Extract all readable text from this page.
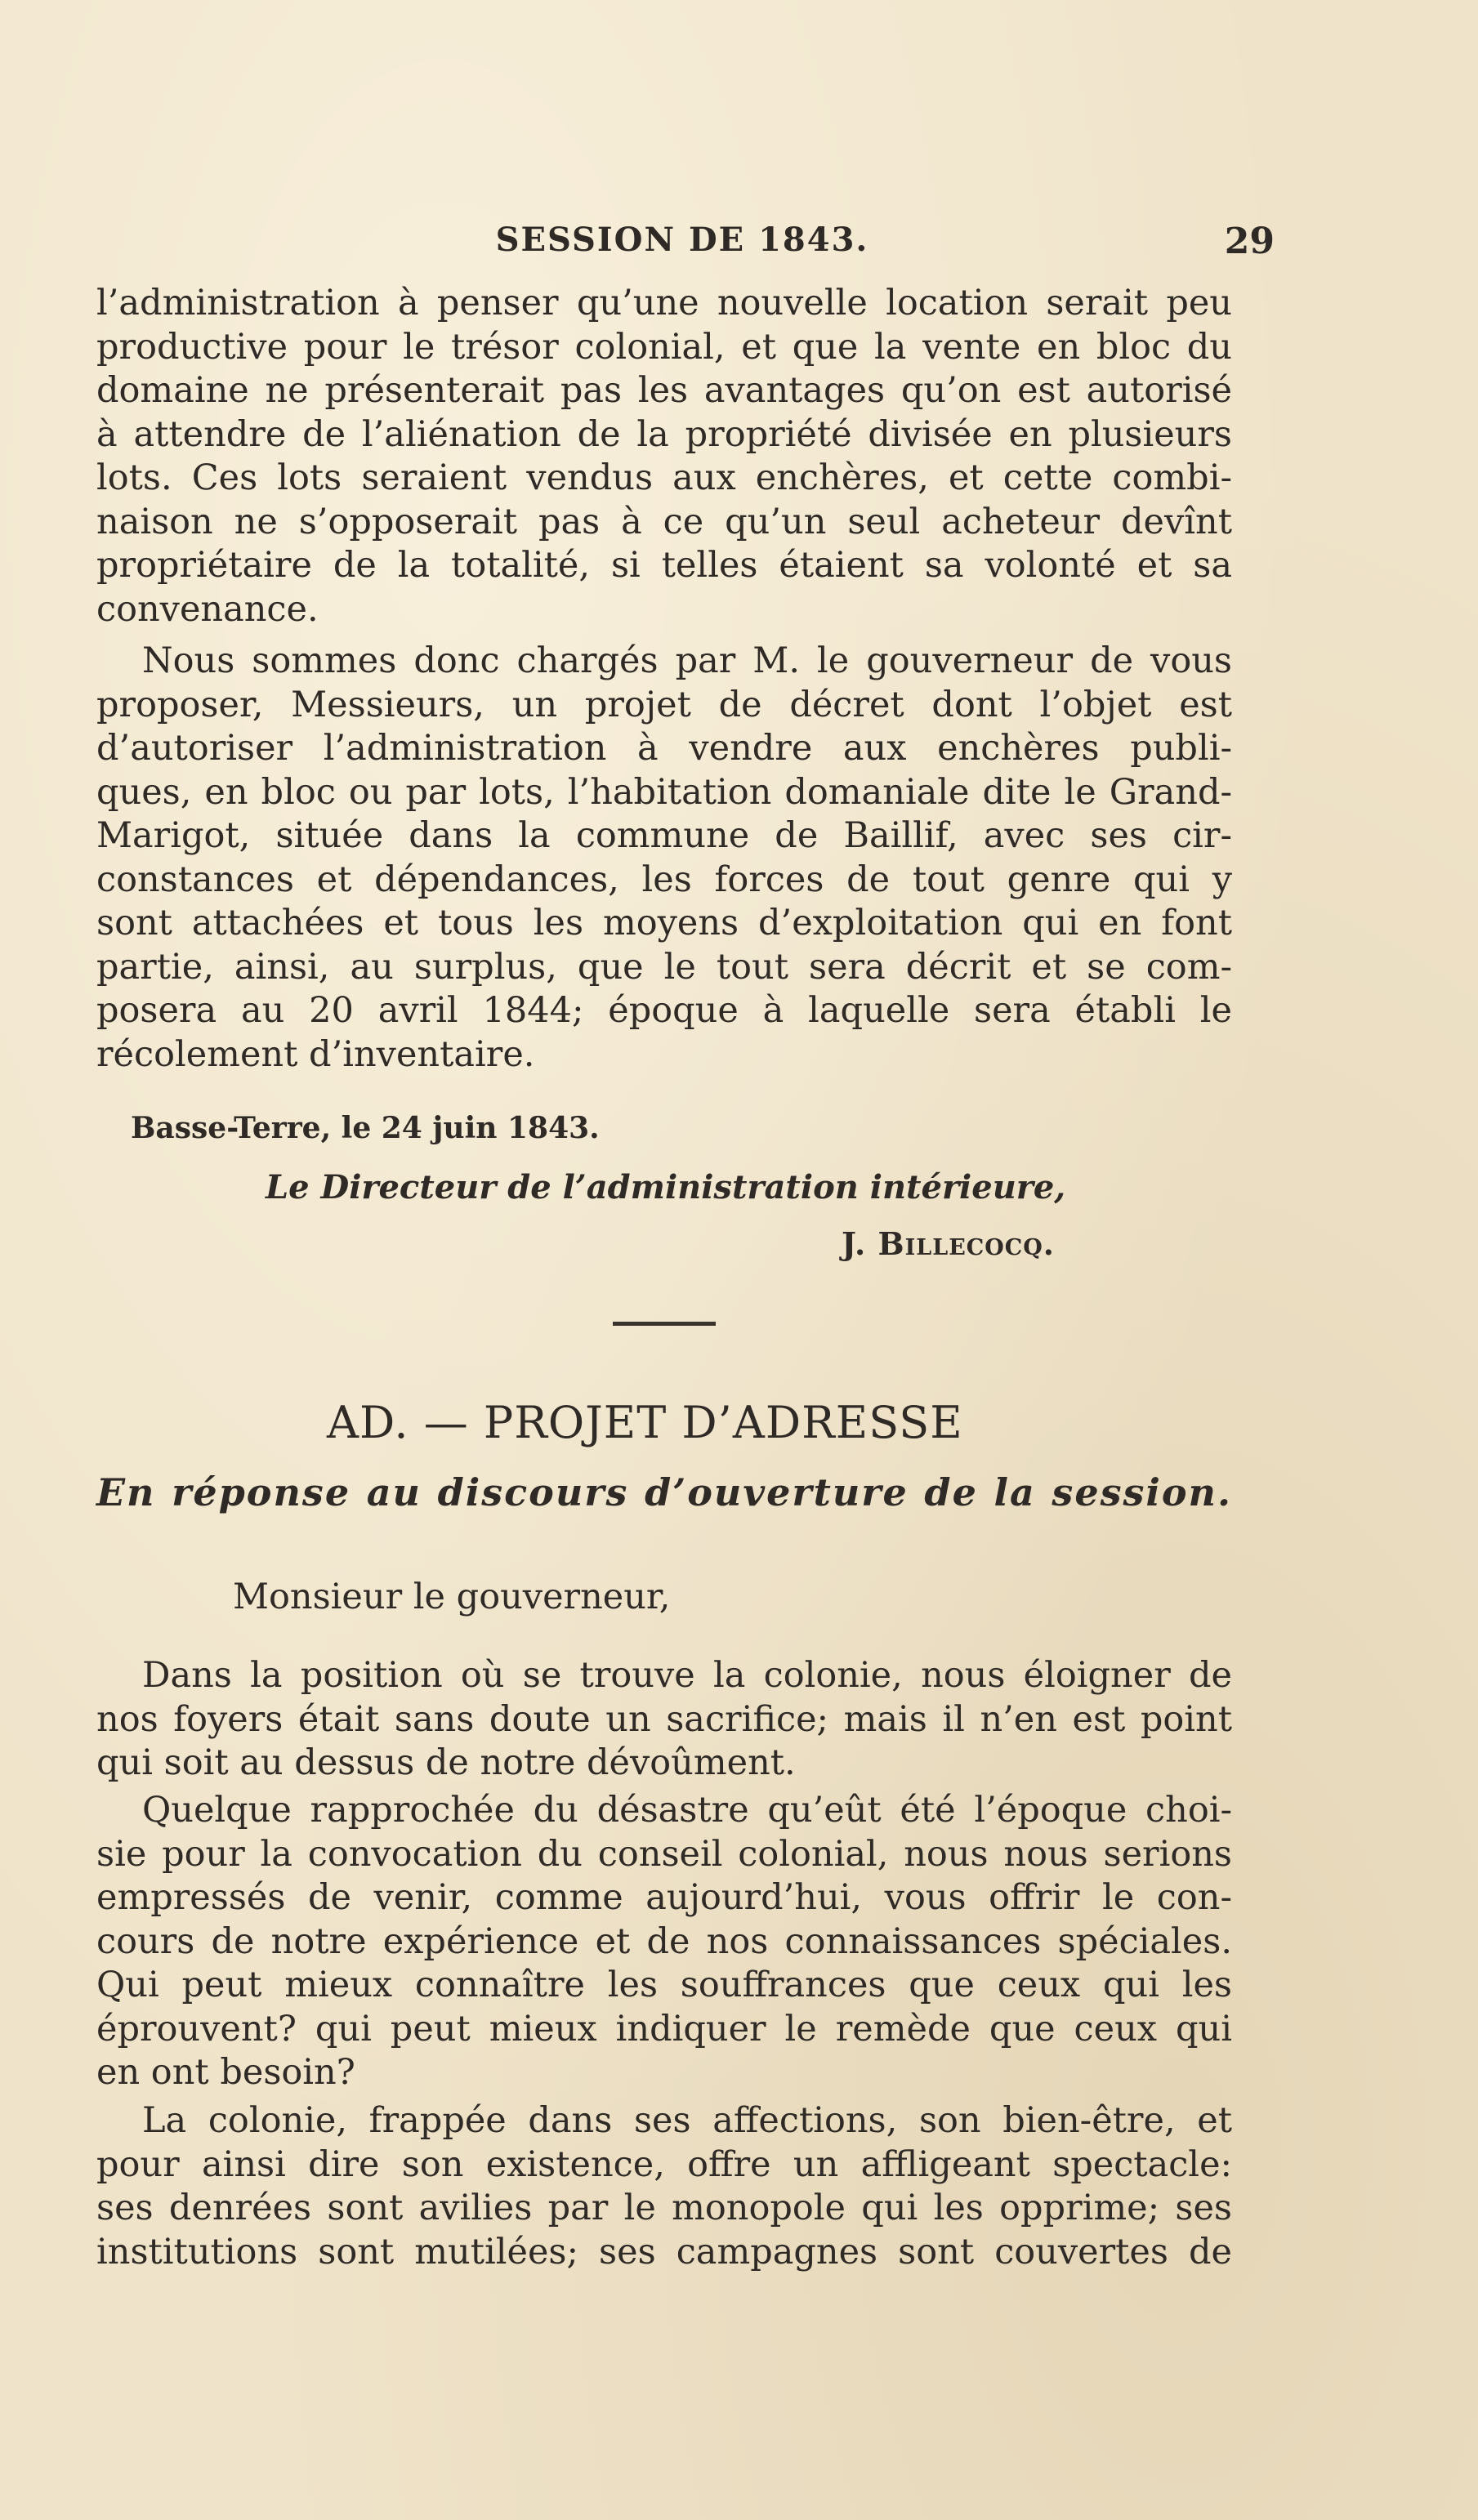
SESSION DE 1843.	29
l’administration à penser qu’une nouvelle location serait peu
productive pour le trésor colonial, et que la vente en bloc du
domaine ne présenterait pas les avantages qu’on est autorisé
à attendre de l’aliénation de la propriété divisée en plusieurs
lots. Ces lots seraient vendus aux enchères, et cette combi-
naison ne s’opposerait pas à ce qu’un seul acheteur devînt
propriétaire de la totalité, si telles étaient sa volonté et sa
convenance.
Nous sommes donc chargés par M. le gouverneur de vous
proposer, Messieurs, un projet de décret dont l’objet est
d’autoriser l’administration à vendre aux enchères publi-
ques, en bloc ou par lots, l’habitation domaniale dite le Grand-
Marigot, située dans la commune de Baillif, avec ses cir-
constances et dépendances, les forces de tout genre qui y
sont attachées et tous les moyens d’exploitation qui en font
partie, ainsi, au surplus, que le tout sera décrit et se com-
posera au 20 avril 1844; époque à laquelle sera établi le
récolement d’inventaire.
Basse-Terre, le 24 juin 1843.
Le Directeur de l’administration intérieure,
J. Billecocq.
AD. — PROJET D’ADRESSE
En réponse au discours d’ouverture de la session.
Monsieur le gouverneur,
Dans la position où se trouve la colonie, nous éloigner de
nos foyers était sans doute un sacrifice; mais il n’en est point
qui soit au dessus de notre dévoûment.
Quelque rapprochée du désastre qu’eût été l’époque choi-
sie pour la convocation du conseil colonial, nous nous serions
empressés de venir, comme aujourd’hui, vous offrir le con-
cours de notre expérience et de nos connaissances spéciales.
Qui peut mieux connaître les souffrances que ceux qui les
éprouvent? qui peut mieux indiquer le remède que ceux qui
en ont besoin?
La colonie, frappée dans ses affections, son bien-être, et
pour ainsi dire son existence, offre un affligeant spectacle:
ses denrées sont avilies par le monopole qui les opprime; ses
institutions sont mutilées; ses campagnes sont couvertes de
